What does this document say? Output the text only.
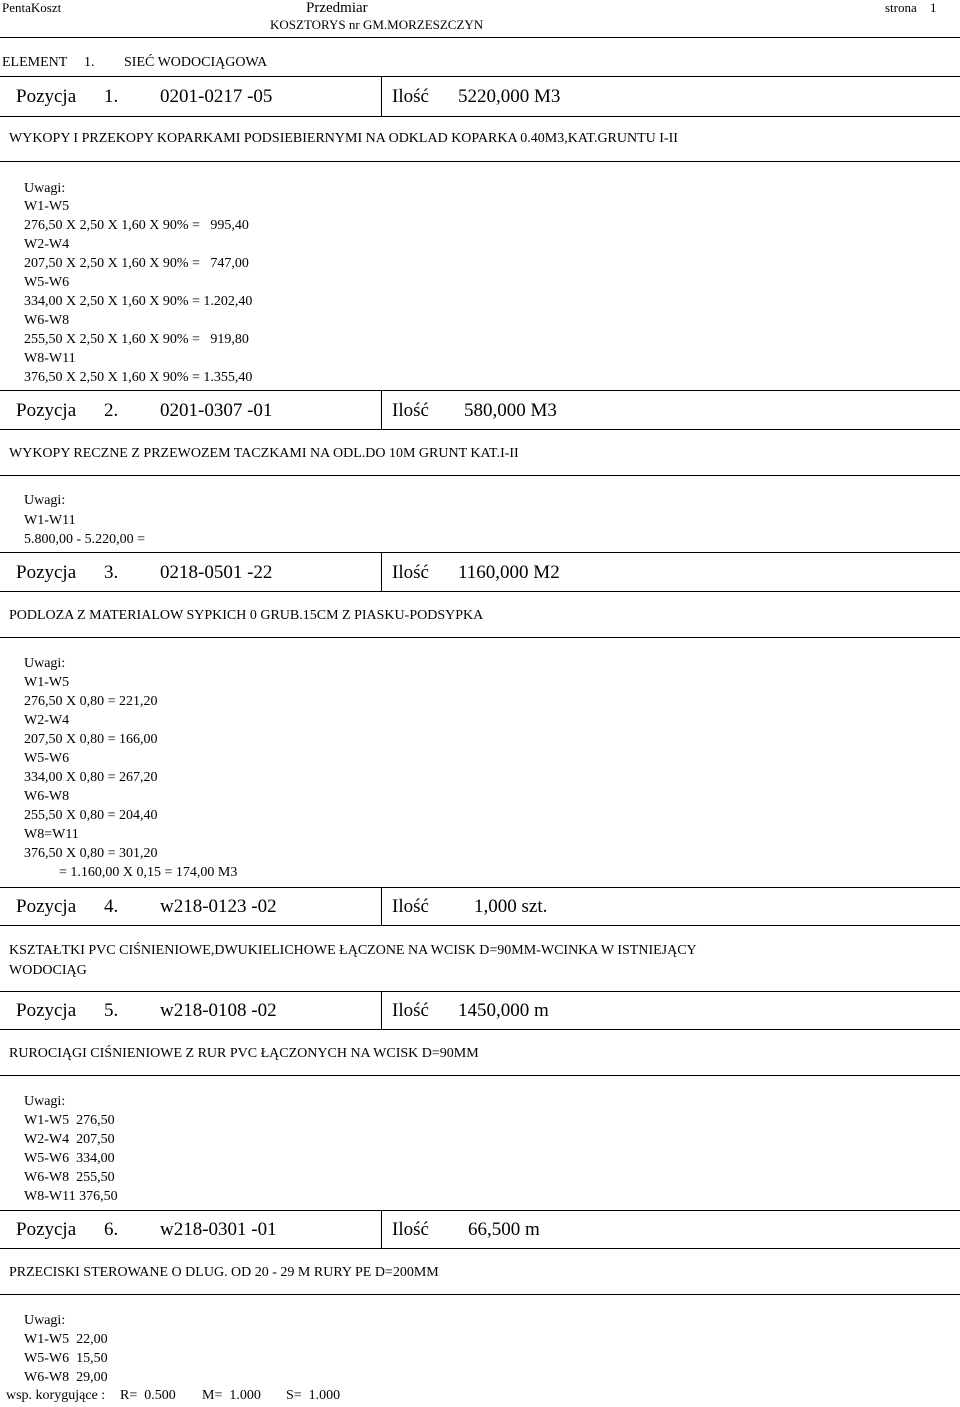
PentaKoszt	Przedmiar
KOSZTORYS nr GM.MORZESZCZYN
strona 1
ELEMENT 1. SIEĆ WODOCIĄGOWA
Pozycja 1. 0201-0217 -05	Ilość 5220,000 M3
WYKOPY I PRZEKOPY KOPARKAMI PODSIEBIERNYMI NA ODKLAD KOPARKA 0.40M3,KAT.GRUNTU I-II
Uwagi:
W1-W5
276,50 X 2,50 X 1,60 X 90% =   995,40
W2-W4
207,50 X 2,50 X 1,60 X 90% =   747,00
W5-W6
334,00 X 2,50 X 1,60 X 90% = 1.202,40
W6-W8
255,50 X 2,50 X 1,60 X 90% =   919,80
W8-W11
376,50 X 2,50 X 1,60 X 90% = 1.355,40
Pozycja 2. 0201-0307 -01	Ilość 580,000 M3
WYKOPY RECZNE Z PRZEWOZEM TACZKAMI NA ODL.DO 10M GRUNT KAT.I-II
Uwagi:
W1-W11
5.800,00 - 5.220,00 =
Pozycja 3. 0218-0501 -22	Ilość 1160,000 M2
PODLOZA Z MATERIALOW SYPKICH 0 GRUB.15CM Z PIASKU-PODSYPKA
Uwagi:
W1-W5
276,50 X 0,80 = 221,20
W2-W4
207,50 X 0,80 = 166,00
W5-W6
334,00 X 0,80 = 267,20
W6-W8
255,50 X 0,80 = 204,40
W8=W11
376,50 X 0,80 = 301,20
= 1.160,00 X 0,15 = 174,00 M3
Pozycja 4. w218-0123 -02	Ilość 1,000 szt.
KSZTAŁTKI PVC CIŚNIENIOWE,DWUKIELICHOWE ŁĄCZONE NA WCISK D=90MM-WCINKA W ISTNIEJĄCY
WODOCIĄG
Pozycja 5. w218-0108 -02	Ilość 1450,000 m
RUROCIĄGI CIŚNIENIOWE Z RUR PVC ŁĄCZONYCH NA WCISK D=90MM
Uwagi:
W1-W5  276,50
W2-W4  207,50
W5-W6  334,00
W6-W8  255,50
W8-W11 376,50
Pozycja 6. w218-0301 -01	Ilość 66,500 m
PRZECISKI STEROWANE O DLUG. OD 20 - 29 M RURY PE D=200MM
Uwagi:
W1-W5  22,00
W5-W6  15,50
W6-W8  29,00
wsp. korygujące : R=  0.500 M=  1.000 S=  1.000
